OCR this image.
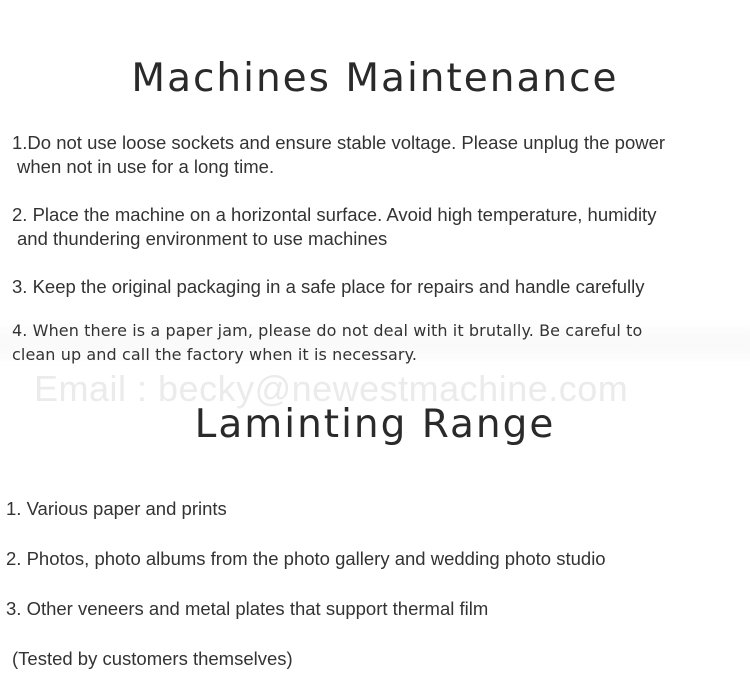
Email : becky@newestmachine.com
Machines Maintenance

1.Do not use loose sockets and ensure stable voltage. Please unplug the power
when not in use for a long time.

2. Place the machine on a horizontal surface. Avoid high temperature, humidity
and thundering environment to use machines

3. Keep the original packaging in a safe place for repairs and handle carefully

4. When there is a paper jam, please do not deal with it brutally. Be careful to
clean up and call the factory when it is necessary.

Laminting Range

1. Various paper and prints

2. Photos, photo albums from the photo gallery and wedding photo studio

3. Other veneers and metal plates that support thermal film

(Tested by customers themselves)
